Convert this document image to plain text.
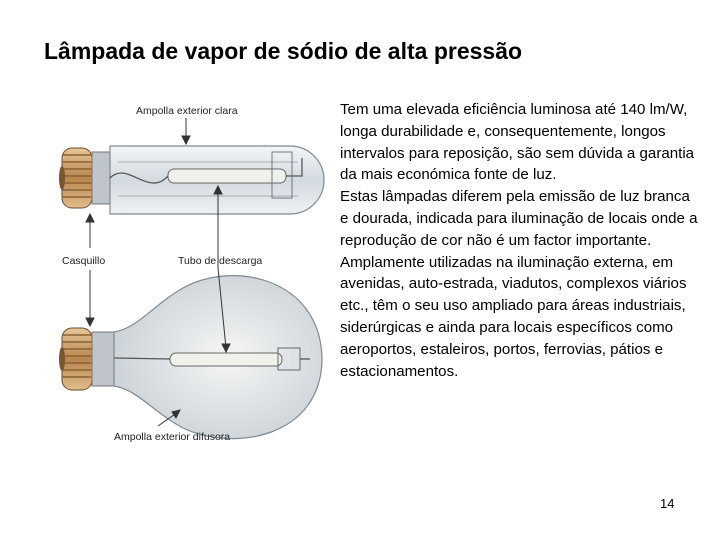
Lâmpada de vapor de sódio de alta pressão
Ampolla exterior clara
Casquillo	Tubo de descarga
Ampolla exterior difusora

Tem uma elevada eficiência luminosa até 140 lm/W, longa durabilidade e, consequentemente, longos intervalos para reposição, são sem dúvida a garantia da mais económica fonte de luz.

Estas lâmpadas diferem pela emissão de luz branca e dourada, indicada para iluminação de locais onde a reprodução de cor não é um factor importante.

Amplamente utilizadas na iluminação externa, em avenidas, auto-estrada, viadutos, complexos viários etc., têm o seu uso ampliado para áreas industriais, siderúrgicas e ainda para locais específicos como aeroportos, estaleiros, portos, ferrovias, pátios e estacionamentos.

14
